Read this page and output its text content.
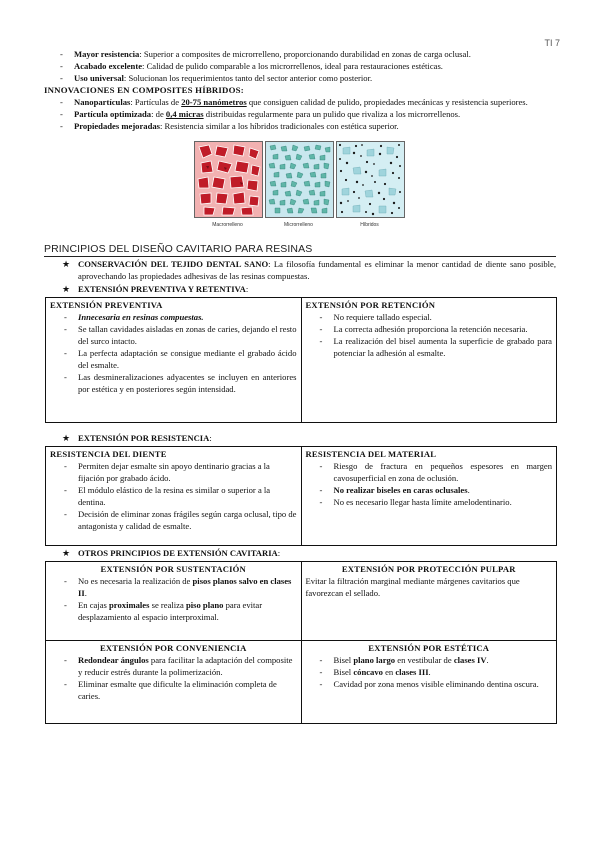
TI 7
- Mayor resistencia: Superior a composites de microrrelleno, proporcionando durabilidad en zonas de carga oclusal.
- Acabado excelente: Calidad de pulido comparable a los microrrellenos, ideal para restauraciones estéticas.
- Uso universal: Solucionan los requerimientos tanto del sector anterior como posterior.

INNOVACIONES EN COMPOSITES HÍBRIDOS:

- Nanopartículas: Partículas de 20-75 nanómetros que consiguen calidad de pulido, propiedades mecánicas y resistencia superiores.
- Partícula optimizada: de 0,4 micras distribuidas regularmente para un pulido que rivaliza a los microrrellenos.
- Propiedades mejoradas: Resistencia similar a los híbridos tradicionales con estética superior.
Macrorrelleno	Microrrelleno	Híbridos
PRINCIPIOS DEL DISEÑO CAVITARIO PARA RESINAS
★ CONSERVACIÓN DEL TEJIDO DENTAL SANO: La filosofía fundamental es eliminar la menor cantidad de diente sano posible, aprovechando las propiedades adhesivas de las resinas compuestas.
★ EXTENSIÓN PREVENTIVA Y RETENTIVA:
EXTENSIÓN PREVENTIVA
- Innecesaria en resinas compuestas.
- Se tallan cavidades aisladas en zonas de caries, dejando el resto del surco intacto.
- La perfecta adaptación se consigue mediante el grabado ácido del esmalte.
- Las desmineralizaciones adyacentes se incluyen en anteriores por estética y en posteriores según intensidad.
EXTENSIÓN POR RETENCIÓN
- No requiere tallado especial.
- La correcta adhesión proporciona la retención necesaria.
- La realización del bisel aumenta la superficie de grabado para potenciar la adhesión al esmalte.
★ EXTENSIÓN POR RESISTENCIA:
RESISTENCIA DEL DIENTE
- Permiten dejar esmalte sin apoyo dentinario gracias a la fijación por grabado ácido.
- El módulo elástico de la resina es similar o superior a la dentina.
- Decisión de eliminar zonas frágiles según carga oclusal, tipo de antagonista y calidad de esmalte.
RESISTENCIA DEL MATERIAL
- Riesgo de fractura en pequeños espesores en margen cavosuperficial en zona de oclusión.
- No realizar biseles en caras oclusales.
- No es necesario llegar hasta límite amelodentinario.
★ OTROS PRINCIPIOS DE EXTENSIÓN CAVITARIA:
EXTENSIÓN POR SUSTENTACIÓN
- No es necesaria la realización de pisos planos salvo en clases II.
- En cajas proximales se realiza piso plano para evitar desplazamiento al espacio interproximal.
EXTENSIÓN POR PROTECCIÓN PULPAR
Evitar la filtración marginal mediante márgenes cavitarios que favorezcan el sellado.
EXTENSIÓN POR CONVENIENCIA
- Redondear ángulos para facilitar la adaptación del composite y reducir estrés durante la polimerización.
- Eliminar esmalte que dificulte la eliminación completa de caries.
EXTENSIÓN POR ESTÉTICA
- Bisel plano largo en vestibular de clases IV.
- Bisel cóncavo en clases III.
- Cavidad por zona menos visible eliminando dentina oscura.
